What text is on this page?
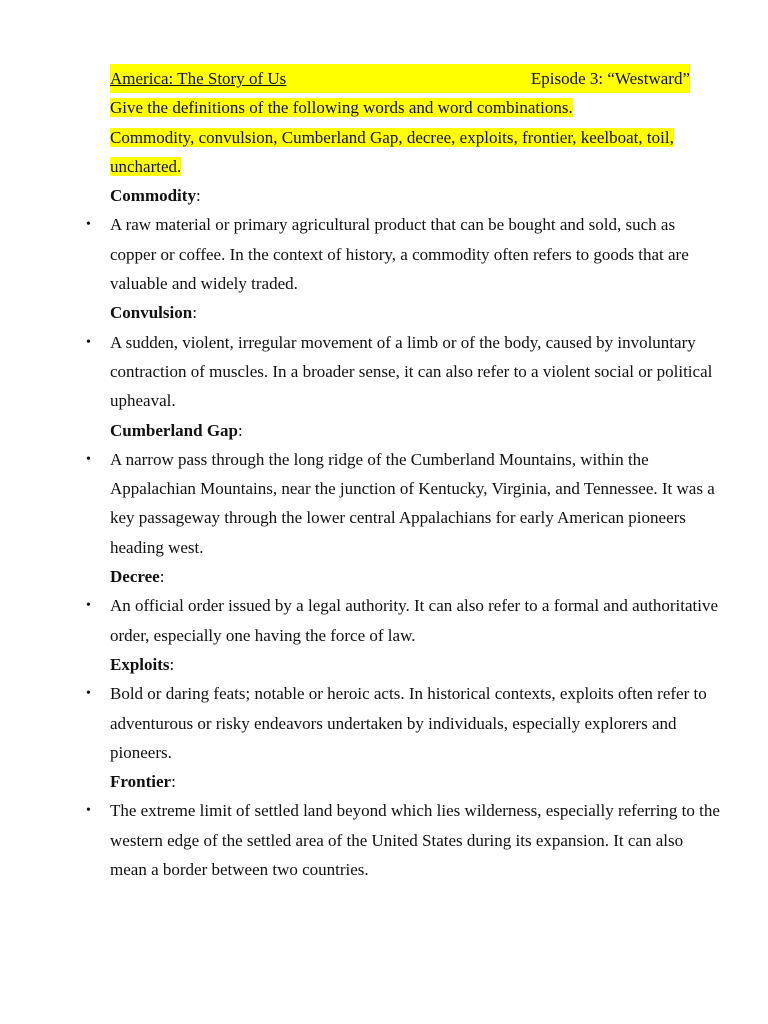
America: The Story of Us	Episode 3: “Westward”

Give the definitions of the following words and word combinations.

Commodity, convulsion, Cumberland Gap, decree, exploits, frontier, keelboat, toil,

uncharted.

Commodity:

• A raw material or primary agricultural product that can be bought and sold, such as copper or coffee. In the context of history, a commodity often refers to goods that are valuable and widely traded.

Convulsion:

• A sudden, violent, irregular movement of a limb or of the body, caused by involuntary contraction of muscles. In a broader sense, it can also refer to a violent social or political upheaval.

Cumberland Gap:

• A narrow pass through the long ridge of the Cumberland Mountains, within the Appalachian Mountains, near the junction of Kentucky, Virginia, and Tennessee. It was a key passageway through the lower central Appalachians for early American pioneers heading west.

Decree:

• An official order issued by a legal authority. It can also refer to a formal and authoritative order, especially one having the force of law.

Exploits:

• Bold or daring feats; notable or heroic acts. In historical contexts, exploits often refer to adventurous or risky endeavors undertaken by individuals, especially explorers and pioneers.

Frontier:

• The extreme limit of settled land beyond which lies wilderness, especially referring to the western edge of the settled area of the United States during its expansion. It can also mean a border between two countries.
